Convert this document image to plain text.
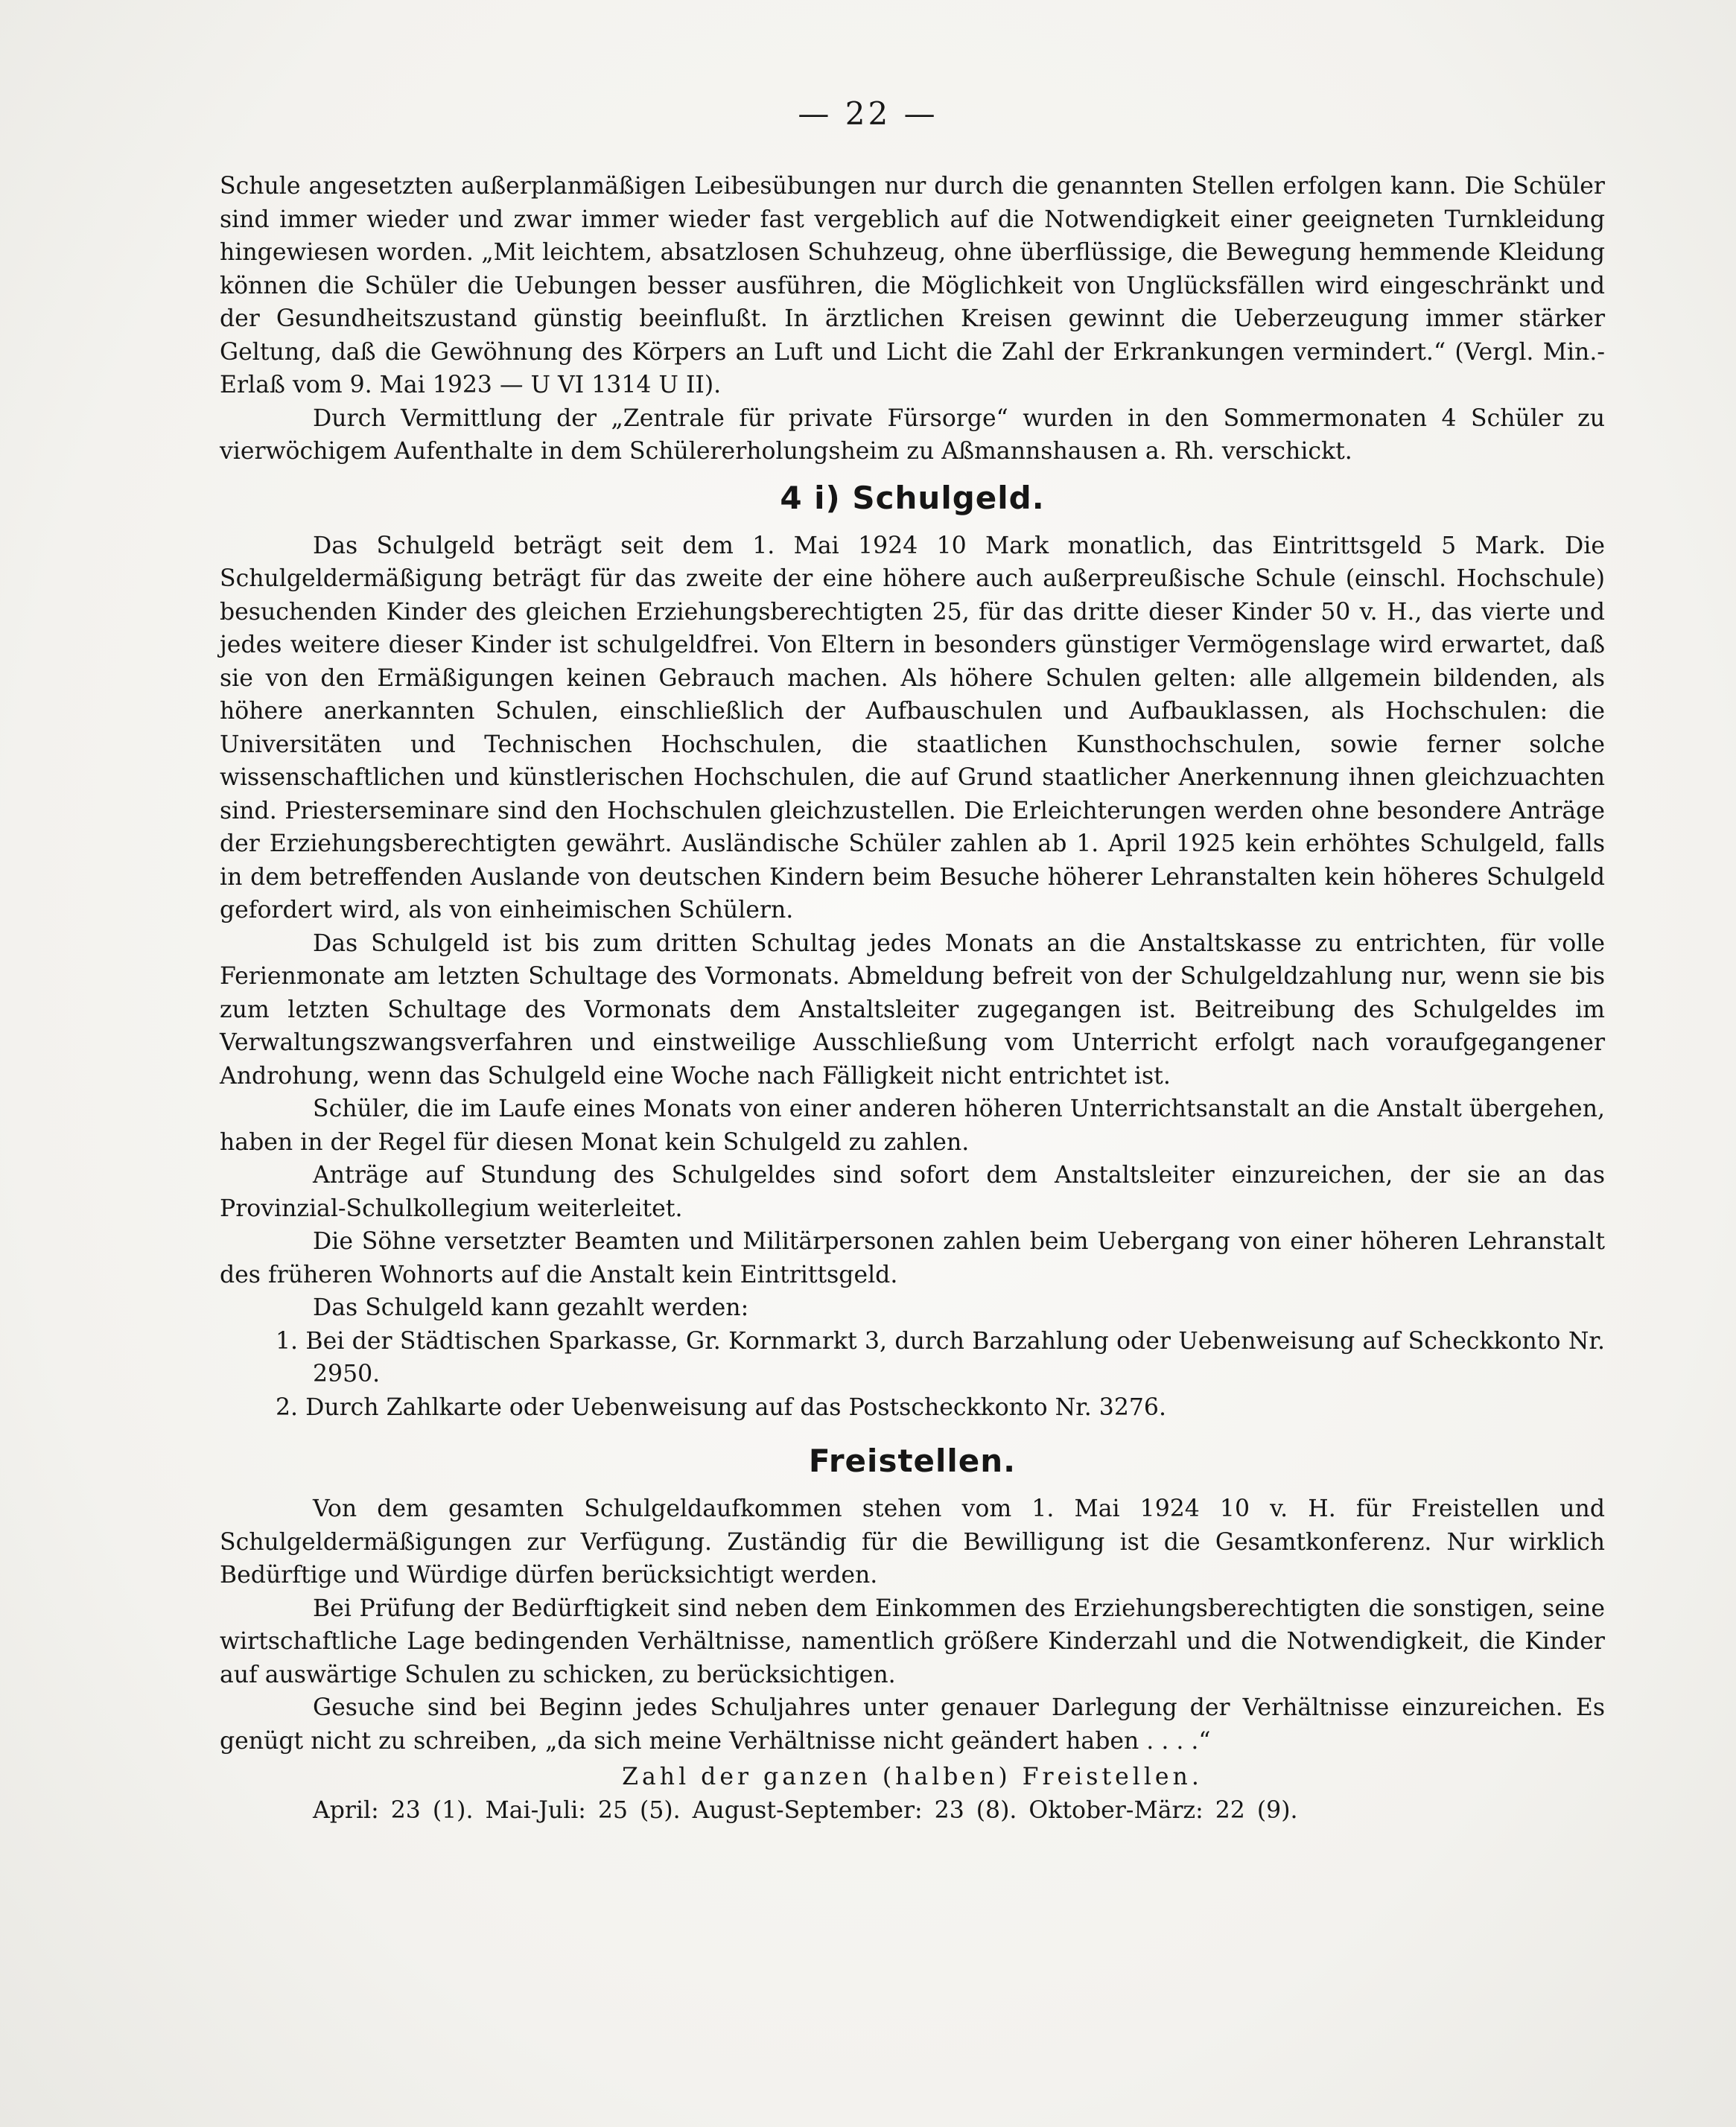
— 22 —

Schule angesetzten außerplanmäßigen Leibesübungen nur durch die genannten Stellen erfolgen kann. Die Schüler sind immer wieder und zwar immer wieder fast vergeblich auf die Notwendigkeit einer geeigneten Turnkleidung hingewiesen worden. „Mit leichtem, absatzlosen Schuhzeug, ohne überflüssige, die Bewegung hemmende Kleidung können die Schüler die Uebungen besser ausführen, die Möglichkeit von Unglücksfällen wird eingeschränkt und der Gesundheitszustand günstig beeinflußt. In ärztlichen Kreisen gewinnt die Ueberzeugung immer stärker Geltung, daß die Gewöhnung des Körpers an Luft und Licht die Zahl der Erkrankungen vermindert.“ (Vergl. Min.-Erlaß vom 9. Mai 1923 — U VI 1314 U II).

Durch Vermittlung der „Zentrale für private Fürsorge“ wurden in den Sommermonaten 4 Schüler zu vierwöchigem Aufenthalte in dem Schülererholungsheim zu Aßmannshausen a. Rh. verschickt.

4 i) Schulgeld.

Das Schulgeld beträgt seit dem 1. Mai 1924 10 Mark monatlich, das Eintrittsgeld 5 Mark. Die Schulgeldermäßigung beträgt für das zweite der eine höhere auch außerpreußische Schule (einschl. Hochschule) besuchenden Kinder des gleichen Erziehungsberechtigten 25, für das dritte dieser Kinder 50 v. H., das vierte und jedes weitere dieser Kinder ist schulgeldfrei. Von Eltern in besonders günstiger Vermögenslage wird erwartet, daß sie von den Ermäßigungen keinen Gebrauch machen. Als höhere Schulen gelten: alle allgemein bildenden, als höhere anerkannten Schulen, einschließlich der Aufbauschulen und Aufbauklassen, als Hochschulen: die Universitäten und Technischen Hochschulen, die staatlichen Kunsthochschulen, sowie ferner solche wissenschaftlichen und künstlerischen Hochschulen, die auf Grund staatlicher Anerkennung ihnen gleichzuachten sind. Priesterseminare sind den Hochschulen gleichzustellen. Die Erleichterungen werden ohne besondere Anträge der Erziehungsberechtigten gewährt. Ausländische Schüler zahlen ab 1. April 1925 kein erhöhtes Schulgeld, falls in dem betreffenden Auslande von deutschen Kindern beim Besuche höherer Lehranstalten kein höheres Schulgeld gefordert wird, als von einheimischen Schülern.

Das Schulgeld ist bis zum dritten Schultag jedes Monats an die Anstaltskasse zu entrichten, für volle Ferienmonate am letzten Schultage des Vormonats. Abmeldung befreit von der Schulgeldzahlung nur, wenn sie bis zum letzten Schultage des Vormonats dem Anstaltsleiter zugegangen ist. Beitreibung des Schulgeldes im Verwaltungszwangsverfahren und einstweilige Ausschließung vom Unterricht erfolgt nach voraufgegangener Androhung, wenn das Schulgeld eine Woche nach Fälligkeit nicht entrichtet ist.

Schüler, die im Laufe eines Monats von einer anderen höheren Unterrichtsanstalt an die Anstalt übergehen, haben in der Regel für diesen Monat kein Schulgeld zu zahlen.

Anträge auf Stundung des Schulgeldes sind sofort dem Anstaltsleiter einzureichen, der sie an das Provinzial-Schulkollegium weiterleitet.

Die Söhne versetzter Beamten und Militärpersonen zahlen beim Uebergang von einer höheren Lehranstalt des früheren Wohnorts auf die Anstalt kein Eintrittsgeld.

Das Schulgeld kann gezahlt werden:

1. Bei der Städtischen Sparkasse, Gr. Kornmarkt 3, durch Barzahlung oder Uebenweisung auf Scheckkonto Nr. 2950.

2. Durch Zahlkarte oder Uebenweisung auf das Postscheckkonto Nr. 3276.

Freistellen.

Von dem gesamten Schulgeldaufkommen stehen vom 1. Mai 1924 10 v. H. für Freistellen und Schulgeldermäßigungen zur Verfügung. Zuständig für die Bewilligung ist die Gesamtkonferenz. Nur wirklich Bedürftige und Würdige dürfen berücksichtigt werden.

Bei Prüfung der Bedürftigkeit sind neben dem Einkommen des Erziehungsberechtigten die sonstigen, seine wirtschaftliche Lage bedingenden Verhältnisse, namentlich größere Kinderzahl und die Notwendigkeit, die Kinder auf auswärtige Schulen zu schicken, zu berücksichtigen.

Gesuche sind bei Beginn jedes Schuljahres unter genauer Darlegung der Verhältnisse einzureichen. Es genügt nicht zu schreiben, „da sich meine Verhältnisse nicht geändert haben . . . .“

Zahl der ganzen (halben) Freistellen.

April: 23 (1). Mai-Juli: 25 (5). August-September: 23 (8). Oktober-März: 22 (9).
